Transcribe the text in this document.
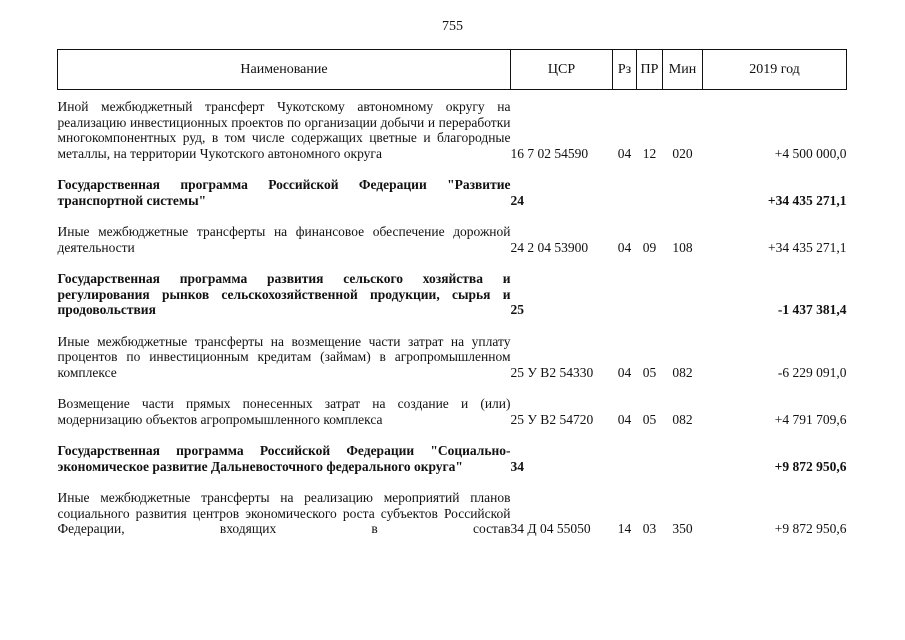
755
Наименование	ЦСР	Рз	ПР	Мин	2019 год

Иной межбюджетный трансферт Чукотскому автономному округу на реализацию инвестиционных проектов по организации добычи и переработки многокомпонентных руд, в том числе содержащих цветные и благородные металлы, на территории Чукотского автономного округа	16 7 02 54590	04	12	020	+4 500 000,0

Государственная программа Российской Федерации "Развитие транспортной системы"	24				+34 435 271,1

Иные межбюджетные трансферты на финансовое обеспечение дорожной деятельности	24 2 04 53900	04	09	108	+34 435 271,1

Государственная программа развития сельского хозяйства и регулирования рынков сельскохозяйственной продукции, сырья и продовольствия	25				-1 437 381,4

Иные межбюджетные трансферты на возмещение части затрат на уплату процентов по инвестиционным кредитам (займам) в агропромышленном комплексе	25 У В2 54330	04	05	082	-6 229 091,0

Возмещение части прямых понесенных затрат на создание и (или) модернизацию объектов агропромышленного комплекса	25 У В2 54720	04	05	082	+4 791 709,6

Государственная программа Российской Федерации "Социально-экономическое развитие Дальневосточного федерального округа"	34				+9 872 950,6

Иные межбюджетные трансферты на реализацию мероприятий планов социального развития центров экономического роста субъектов Российской Федерации, входящих в состав	34 Д 04 55050	14	03	350	+9 872 950,6
